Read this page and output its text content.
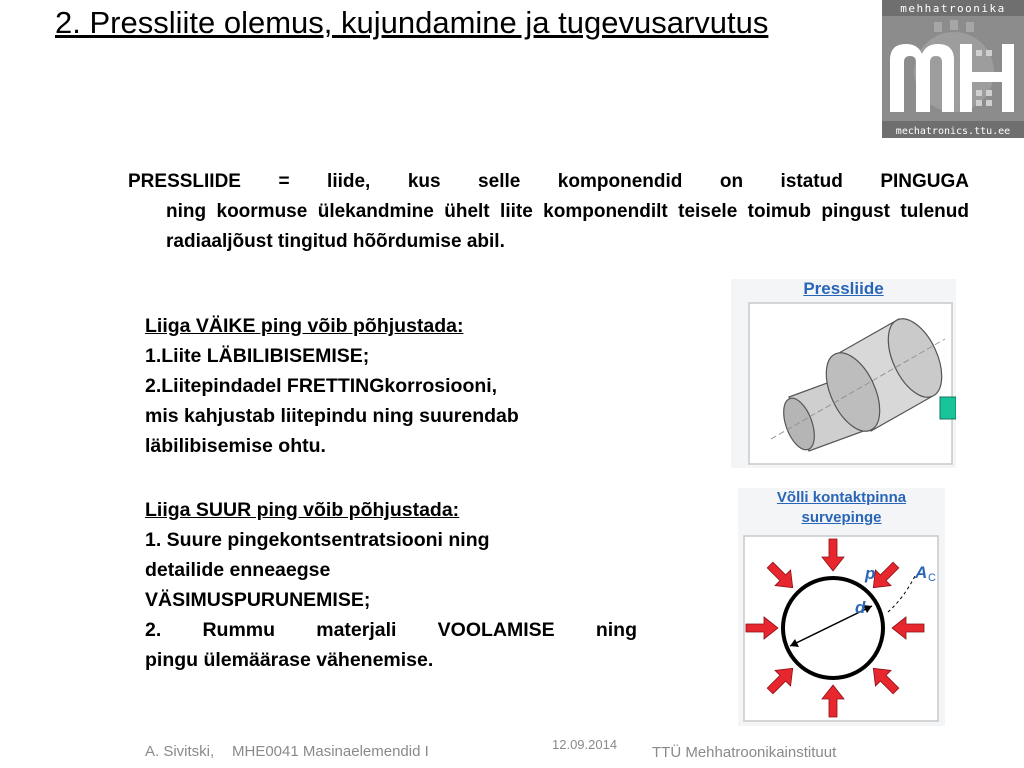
2. Pressliite olemus, kujundamine ja tugevusarvutus	mehhatroonika
mechatronics.ttu.ee
PRESSLIIDE = liide, kus selle komponendid on istatud PINGUGA
ning koormuse ülekandmine ühelt liite komponendilt teisele toimub pingust tulenud radiaaljõust tingitud hõõrdumise abil.

Liiga VÄIKE ping võib põhjustada:

1.Liite LÄBILIBISEMISE;

2.Liitepindadel FRETTINGkorrosiooni,

mis kahjustab liitepindu ning suurendab

läbilibisemise ohtu.

Liiga SUUR ping võib põhjustada:

1. Suure pingekontsentratsiooni ning

detailide enneaegse

VÄSIMUSPURUNEMISE;

2. Rummu materjali VOOLAMISE ning

pingu ülemäärase vähenemise.

Pressliide
p A C
d
Võlli kontaktpinna
survepinge
A. Sivitski, MHE0041 Masinaelemendid I	12.09.2014 TTÜ Mehhatroonikainstituut
